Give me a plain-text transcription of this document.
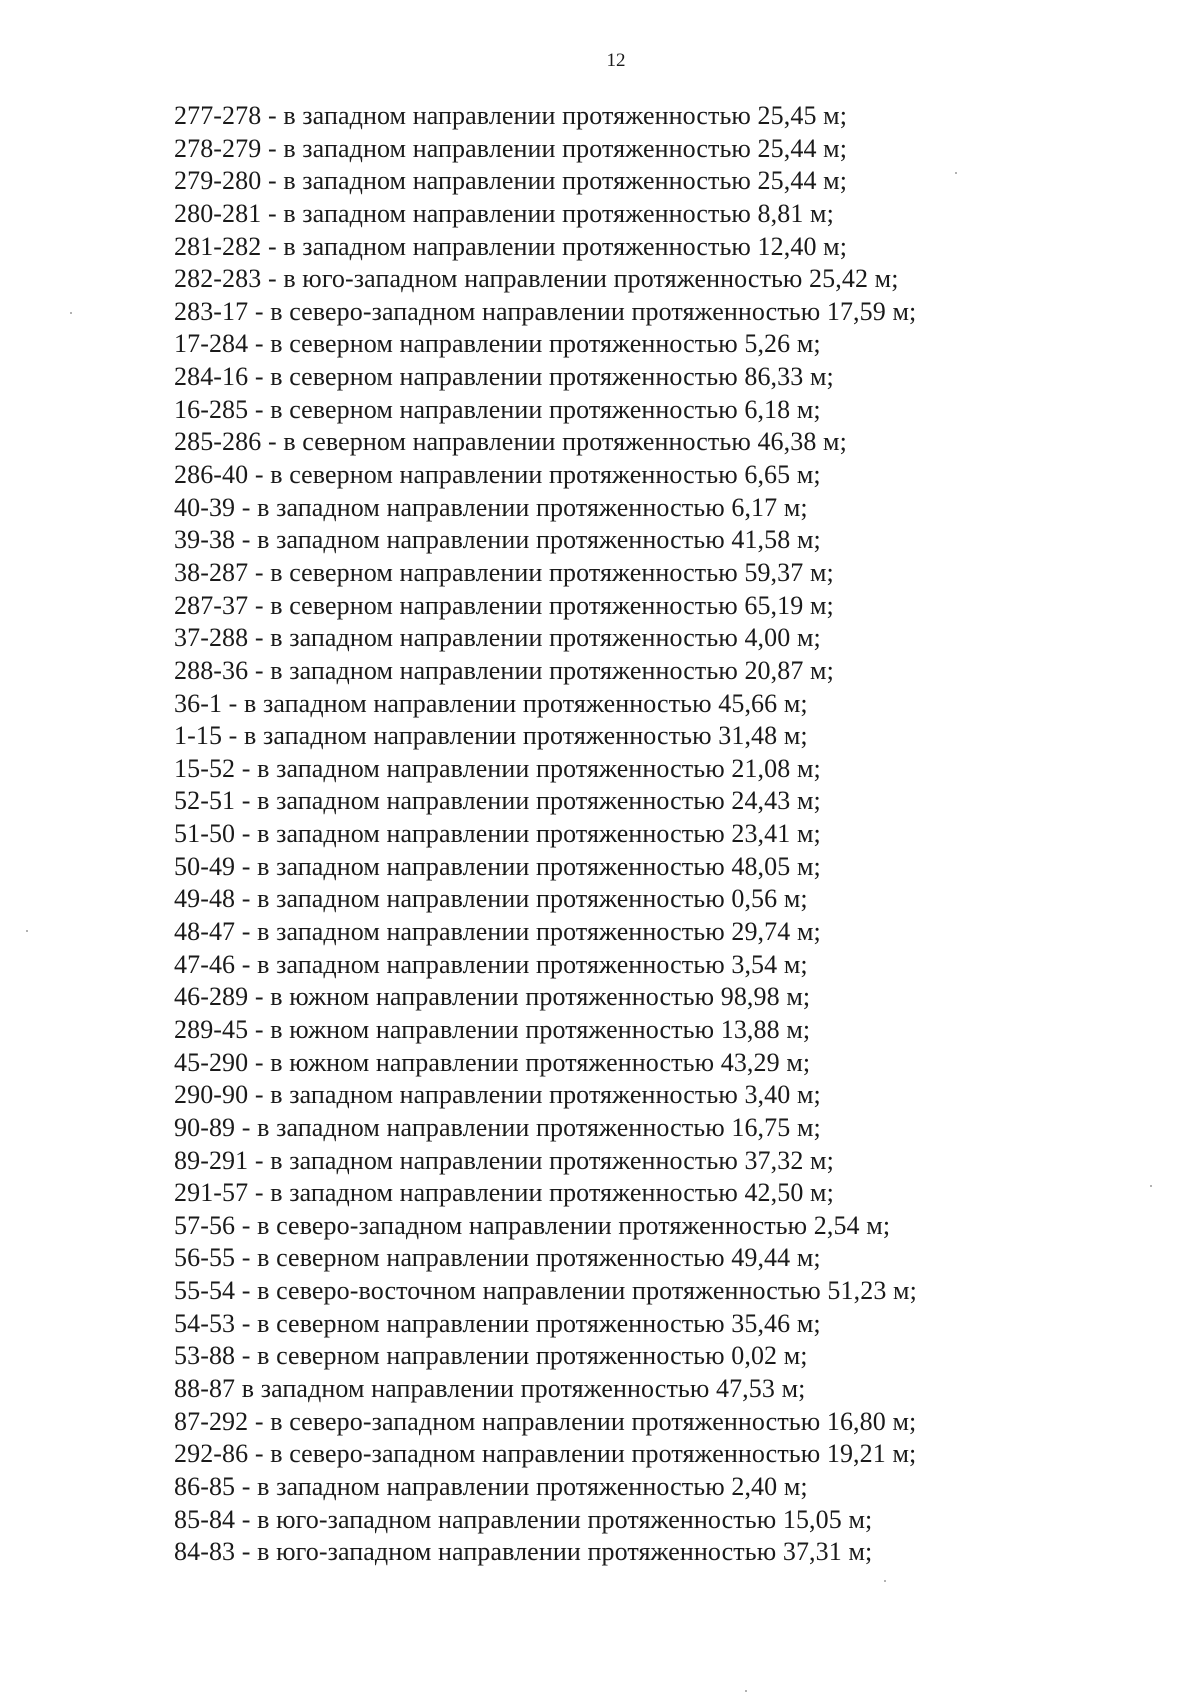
12
277-278 - в западном направлении протяженностью 25,45 м;
278-279 - в западном направлении протяженностью 25,44 м;
279-280 - в западном направлении протяженностью 25,44 м;
280-281 - в западном направлении протяженностью 8,81 м;
281-282 - в западном направлении протяженностью 12,40 м;
282-283 - в юго-западном направлении протяженностью 25,42 м;
283-17 - в северо-западном направлении протяженностью 17,59 м;
17-284 - в северном направлении протяженностью 5,26 м;
284-16 - в северном направлении протяженностью 86,33 м;
16-285 - в северном направлении протяженностью 6,18 м;
285-286 - в северном направлении протяженностью 46,38 м;
286-40 - в северном направлении протяженностью 6,65 м;
40-39 - в западном направлении протяженностью 6,17 м;
39-38 - в западном направлении протяженностью 41,58 м;
38-287 - в северном направлении протяженностью 59,37 м;
287-37 - в северном направлении протяженностью 65,19 м;
37-288 - в западном направлении протяженностью 4,00 м;
288-36 - в западном направлении протяженностью 20,87 м;
36-1 - в западном направлении протяженностью 45,66 м;
1-15 - в западном направлении протяженностью 31,48 м;
15-52 - в западном направлении протяженностью 21,08 м;
52-51 - в западном направлении протяженностью 24,43 м;
51-50 - в западном направлении протяженностью 23,41 м;
50-49 - в западном направлении протяженностью 48,05 м;
49-48 - в западном направлении протяженностью 0,56 м;
48-47 - в западном направлении протяженностью 29,74 м;
47-46 - в западном направлении протяженностью 3,54 м;
46-289 - в южном направлении протяженностью 98,98 м;
289-45 - в южном направлении протяженностью 13,88 м;
45-290 - в южном направлении протяженностью 43,29 м;
290-90 - в западном направлении протяженностью 3,40 м;
90-89 - в западном направлении протяженностью 16,75 м;
89-291 - в западном направлении протяженностью 37,32 м;
291-57 - в западном направлении протяженностью 42,50 м;
57-56 - в северо-западном направлении протяженностью 2,54 м;
56-55 - в северном направлении протяженностью 49,44 м;
55-54 - в северо-восточном направлении протяженностью 51,23 м;
54-53 - в северном направлении протяженностью 35,46 м;
53-88 - в северном направлении протяженностью 0,02 м;
88-87 в западном направлении протяженностью 47,53 м;
87-292 - в северо-западном направлении протяженностью 16,80 м;
292-86 - в северо-западном направлении протяженностью 19,21 м;
86-85 - в западном направлении протяженностью 2,40 м;
85-84 - в юго-западном направлении протяженностью 15,05 м;
84-83 - в юго-западном направлении протяженностью 37,31 м;
